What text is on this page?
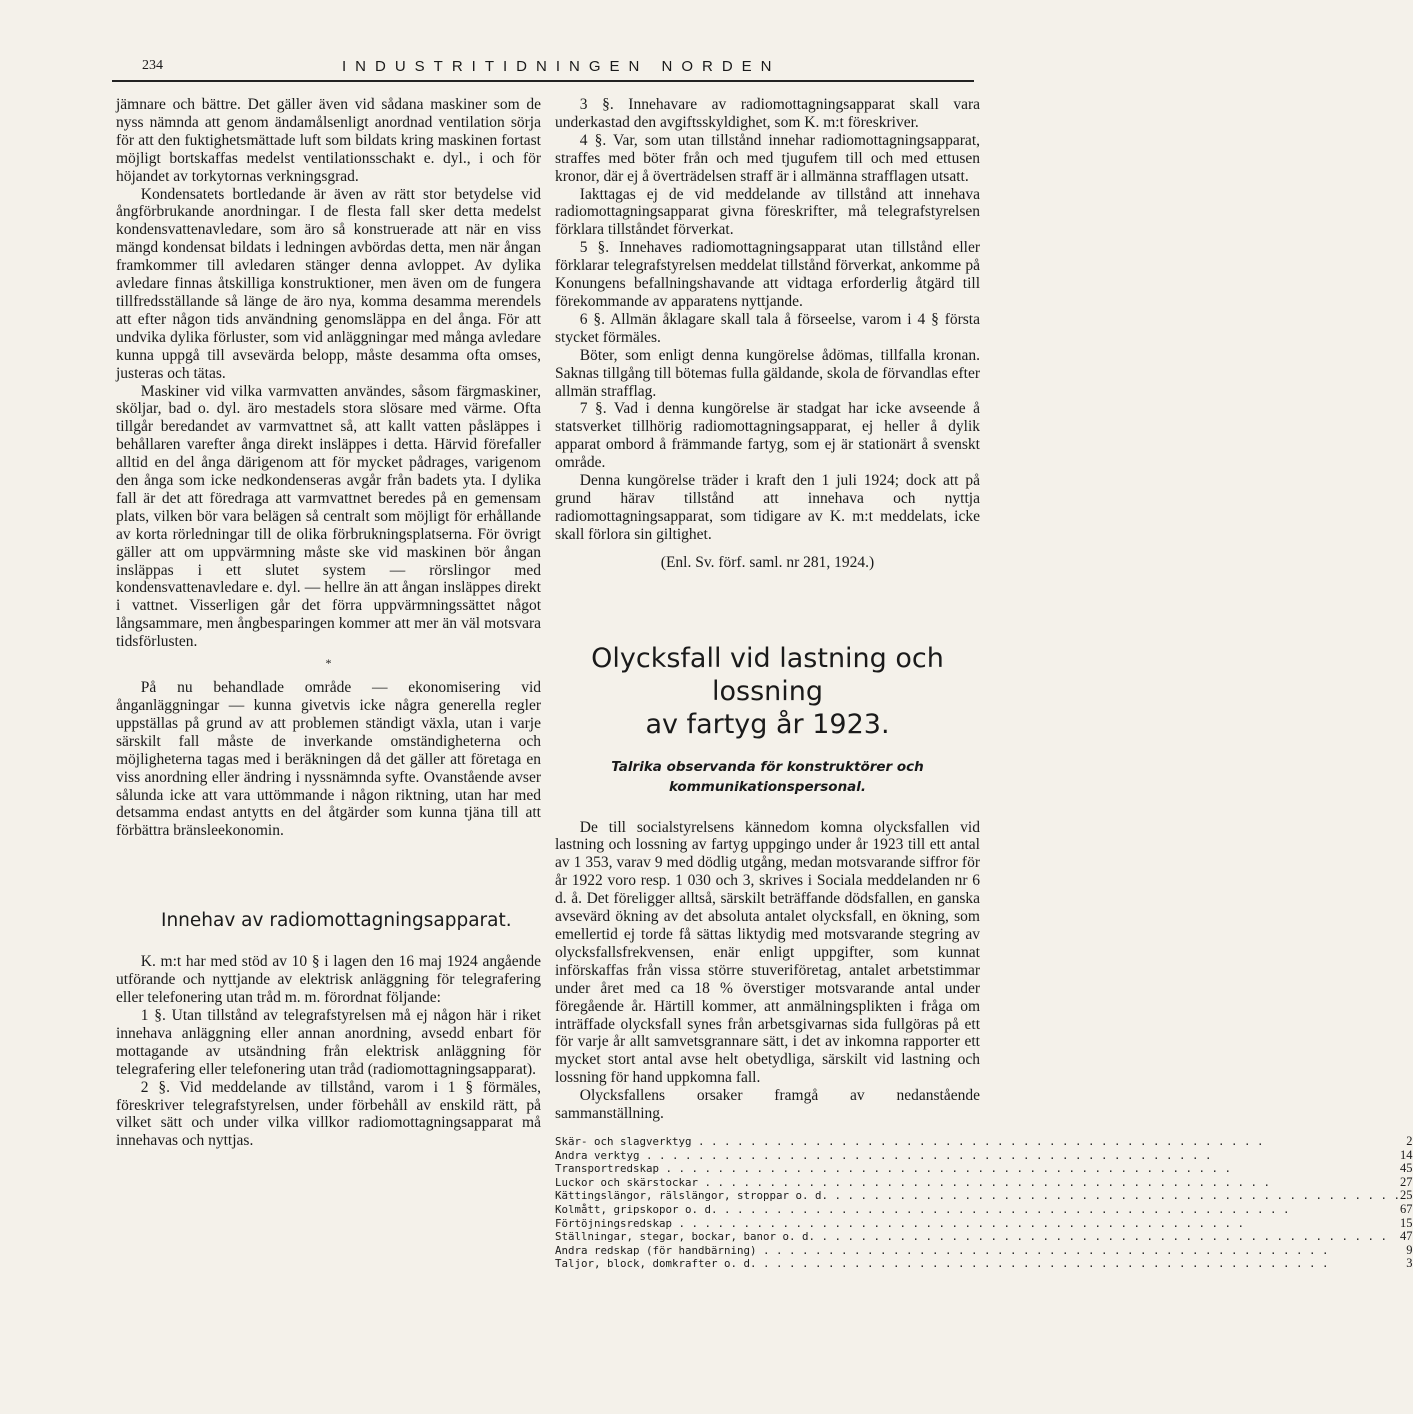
234	INDUSTRITIDNINGEN NORDEN

jämnare och bättre. Det gäller även vid sådana maskiner som de nyss nämnda att genom ändamålsenligt anordnad ventilation sörja för att den fuktighetsmättade luft som bildats kring maskinen fortast möjligt bortskaffas medelst ventilationsschakt e. dyl., i och för höjandet av torkytornas verkningsgrad.

Kondensatets bortledande är även av rätt stor betydelse vid ångförbrukande anordningar. I de flesta fall sker detta medelst kondensvattenavledare, som äro så konstruerade att när en viss mängd kondensat bildats i ledningen avbördas detta, men när ångan framkommer till avledaren stänger denna avloppet. Av dylika avledare finnas åtskilliga konstruktioner, men även om de fungera tillfredsställande så länge de äro nya, komma desamma merendels att efter någon tids användning genomsläppa en del ånga. För att undvika dylika förluster, som vid anläggningar med många avledare kunna uppgå till avsevärda belopp, måste desamma ofta omses, justeras och tätas.

Maskiner vid vilka varmvatten användes, såsom färgmaskiner, sköljar, bad o. dyl. äro mestadels stora slösare med värme. Ofta tillgår beredandet av varmvattnet så, att kallt vatten påsläppes i behållaren varefter ånga direkt insläppes i detta. Härvid förefaller alltid en del ånga därigenom att för mycket pådrages, varigenom den ånga som icke nedkondenseras avgår från badets yta. I dylika fall är det att föredraga att varmvattnet beredes på en gemensam plats, vilken bör vara belägen så centralt som möjligt för erhållande av korta rörledningar till de olika förbrukningsplatserna. För övrigt gäller att om uppvärmning måste ske vid maskinen bör ångan insläppas i ett slutet system — rörslingor med kondensvattenavledare e. dyl. — hellre än att ångan insläppes direkt i vattnet. Visserligen går det förra uppvärmningssättet något långsammare, men ångbesparingen kommer att mer än väl motsvara tidsförlusten.

*

På nu behandlade område — ekonomisering vid ånganläggningar — kunna givetvis icke några generella regler uppställas på grund av att problemen ständigt växla, utan i varje särskilt fall måste de inverkande omständigheterna och möjligheterna tagas med i beräkningen då det gäller att företaga en viss anordning eller ändring i nyssnämnda syfte. Ovanstående avser sålunda icke att vara uttömmande i någon riktning, utan har med detsamma endast antytts en del åtgärder som kunna tjäna till att förbättra bränsleekonomin.

Innehav av radiomottagningsapparat.

K. m:t har med stöd av 10 § i lagen den 16 maj 1924 angående utförande och nyttjande av elektrisk anläggning för telegrafering eller telefonering utan tråd m. m. förordnat följande:

1 §. Utan tillstånd av telegrafstyrelsen må ej någon här i riket innehava anläggning eller annan anordning, avsedd enbart för mottagande av utsändning från elektrisk anläggning för telegrafering eller telefonering utan tråd (radiomottagningsapparat).

2 §. Vid meddelande av tillstånd, varom i 1 § förmäles, föreskriver telegrafstyrelsen, under förbehåll av enskild rätt, på vilket sätt och under vilka villkor radiomottagningsapparat må innehavas och nyttjas.

3 §. Innehavare av radiomottagningsapparat skall vara underkastad den avgiftsskyldighet, som K. m:t föreskriver.

4 §. Var, som utan tillstånd innehar radiomottagningsapparat, straffes med böter från och med tjugufem till och med ettusen kronor, där ej å överträdelsen straff är i allmänna strafflagen utsatt.

Iakttagas ej de vid meddelande av tillstånd att innehava radiomottagningsapparat givna föreskrifter, må telegrafstyrelsen förklara tillståndet förverkat.

5 §. Innehaves radiomottagningsapparat utan tillstånd eller förklarar telegrafstyrelsen meddelat tillstånd förverkat, ankomme på Konungens befallningshavande att vidtaga erforderlig åtgärd till förekommande av apparatens nyttjande.

6 §. Allmän åklagare skall tala å förseelse, varom i 4 § första stycket förmäles.

Böter, som enligt denna kungörelse ådömas, tillfalla kronan. Saknas tillgång till bötemas fulla gäldande, skola de förvandlas efter allmän strafflag.

7 §. Vad i denna kungörelse är stadgat har icke avseende å statsverket tillhörig radiomottagningsapparat, ej heller å dylik apparat ombord å främmande fartyg, som ej är stationärt å svenskt område.

Denna kungörelse träder i kraft den 1 juli 1924; dock att på grund härav tillstånd att innehava och nyttja radiomottagningsapparat, som tidigare av K. m:t meddelats, icke skall förlora sin giltighet.

(Enl. Sv. förf. saml. nr 281, 1924.)

Olycksfall vid lastning och lossning
av fartyg år 1923.
Talrika observanda för konstruktörer och
kommunikationspersonal.

De till socialstyrelsens kännedom komna olycksfallen vid lastning och lossning av fartyg uppgingo under år 1923 till ett antal av 1 353, varav 9 med dödlig utgång, medan motsvarande siffror för år 1922 voro resp. 1 030 och 3, skrives i Sociala meddelanden nr 6 d. å. Det föreligger alltså, särskilt beträffande dödsfallen, en ganska avsevärd ökning av det absoluta antalet olycksfall, en ökning, som emellertid ej torde få sättas liktydig med motsvarande stegring av olycksfallsfrekvensen, enär enligt uppgifter, som kunnat införskaffas från vissa större stuveriföretag, antalet arbetstimmar under året med ca 18 % överstiger motsvarande antal under föregående år. Härtill kommer, att anmälningsplikten i fråga om inträffade olycksfall synes från arbetsgivarnas sida fullgöras på ett för varje år allt samvetsgrannare sätt, i det av inkomna rapporter ett mycket stort antal avse helt obetydliga, särskilt vid lastning och lossning för hand uppkomna fall.

Olycksfallens orsaker framgå av nedanstående sammanställning.

Skär- och slagverktyg . . .	2
Andra verktyg . . .	14
Transportredskap . . .	45
Luckor och skärstockar . . .	27
Kättingslängor, rälslängor, stroppar o. d. . . .	25
Kolmått, gripskopor o. d. . . .	67
Förtöjningsredskap . . .	15
Ställningar, stegar, bockar, banor o. d. . . .	47
Andra redskap (för handbärning) . . .	9
Taljor, block, domkrafter o. d. . . .	3
